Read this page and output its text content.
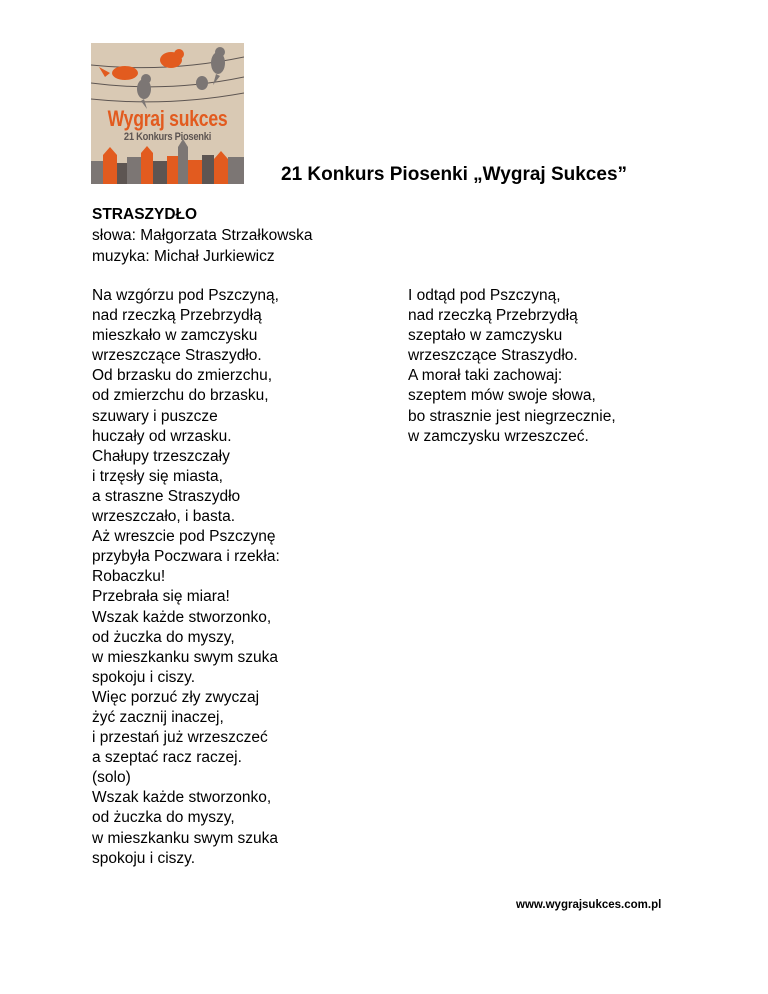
Wygraj sukces
21 Konkurs Piosenki
21 Konkurs Piosenki „Wygraj Sukces”
STRASZYDŁO
słowa: Małgorzata Strzałkowska
muzyka: Michał Jurkiewicz
Na wzgórzu pod Pszczyną,
nad rzeczką Przebrzydłą
mieszkało w zamczysku
wrzeszczące Straszydło.
Od brzasku do zmierzchu,
od zmierzchu do brzasku,
szuwary i puszcze
huczały od wrzasku.
Chałupy trzeszczały
i trzęsły się miasta,
a straszne Straszydło
wrzeszczało, i basta.
Aż wreszcie pod Pszczynę
przybyła Poczwara i rzekła:
Robaczku!
Przebrała się miara!
Wszak każde stworzonko,
od żuczka do myszy,
w mieszkanku swym szuka
spokoju i ciszy.
Więc porzuć zły zwyczaj
żyć zacznij inaczej,
i przestań już wrzeszczeć
a szeptać racz raczej.
(solo)
Wszak każde stworzonko,
od żuczka do myszy,
w mieszkanku swym szuka
spokoju i ciszy.
I odtąd pod Pszczyną,
nad rzeczką Przebrzydłą
szeptało w zamczysku
wrzeszczące Straszydło.
A morał taki zachowaj:
szeptem mów swoje słowa,
bo strasznie jest niegrzecznie,
w zamczysku wrzeszczeć.
www.wygrajsukces.com.pl
